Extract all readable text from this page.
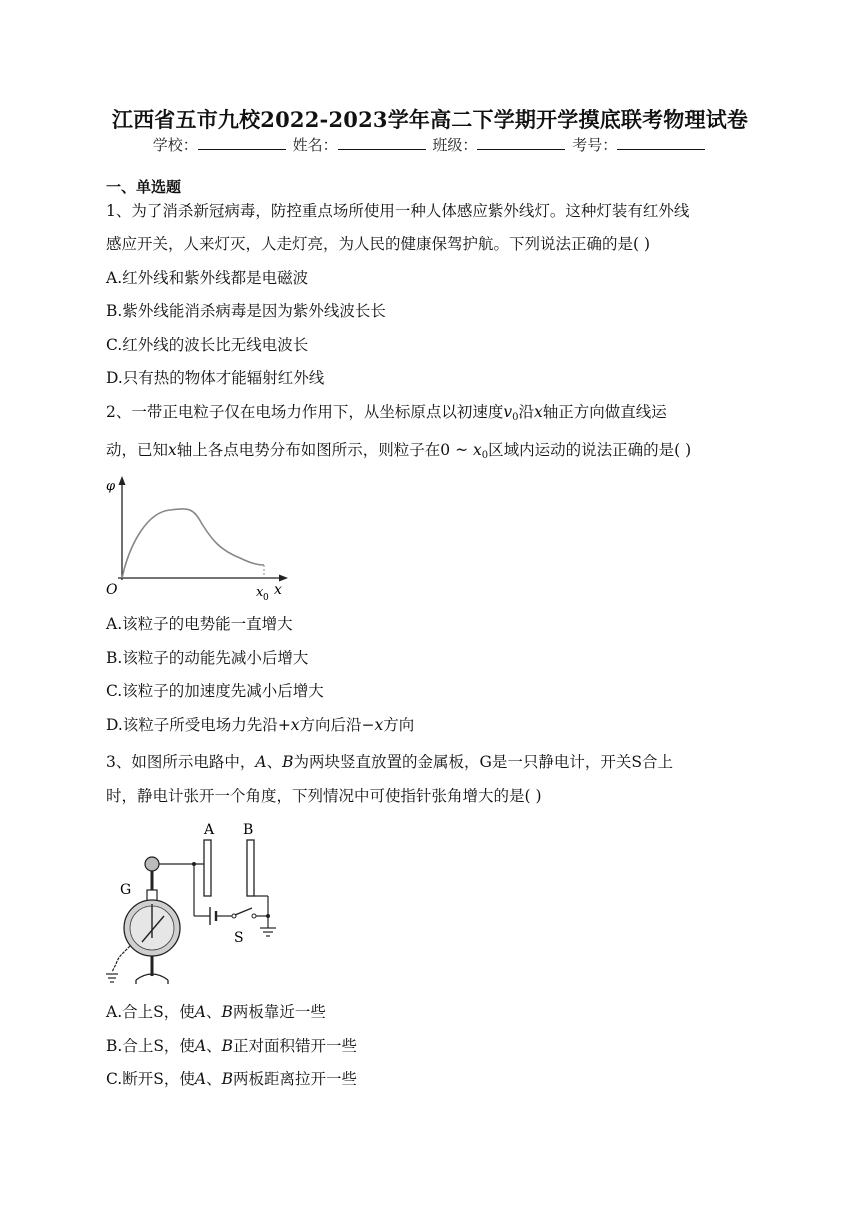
江西省五市九校2022-2023学年高二下学期开学摸底联考物理试卷
学校：	姓名：	班级：	考号：
一、单选题
1、为了消杀新冠病毒，防控重点场所使用一种人体感应紫外线灯。这种灯装有红外线
感应开关，人来灯灭，人走灯亮，为人民的健康保驾护航。下列说法正确的是( )
A.红外线和紫外线都是电磁波
B.紫外线能消杀病毒是因为紫外线波长长
C.红外线的波长比无线电波长
D.只有热的物体才能辐射红外线
2、一带正电粒子仅在电场力作用下，从坐标原点以初速度$v_0$沿x轴正方向做直线运
动，已知x轴上各点电势分布如图所示，则粒子在0 ~ $x_0$区域内运动的说法正确的是( )
φ
O	x 0 x
A.该粒子的电势能一直增大
B.该粒子的动能先减小后增大
C.该粒子的加速度先减小后增大
D.该粒子所受电场力先沿+x方向后沿−x方向
3、如图所示电路中，A、B为两块竖直放置的金属板，G是一只静电计，开关S合上
时，静电计张开一个角度，下列情况中可使指针张角增大的是( )
A B
S
G
A.合上S，使A、B两板靠近一些
B.合上S，使A、B正对面积错开一些
C.断开S，使A、B两板距离拉开一些
